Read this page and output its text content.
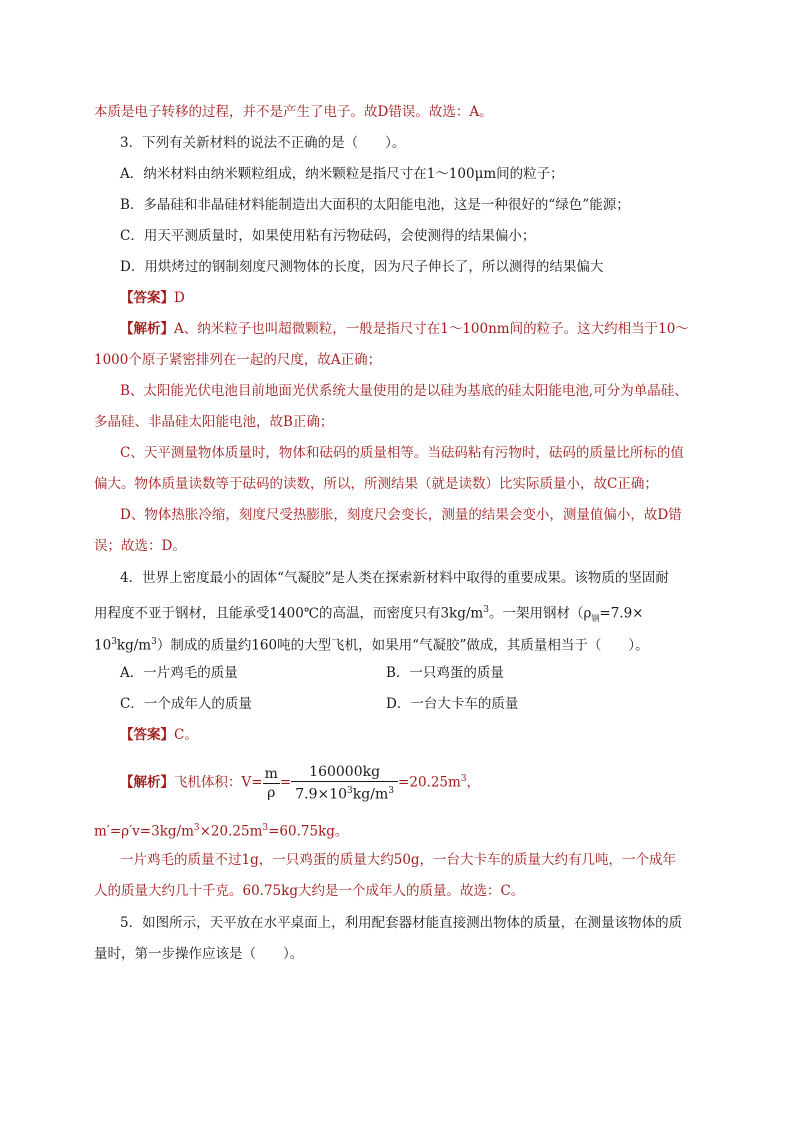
本质是电子转移的过程，并不是产生了电子。故D错误。故选：A。
3．下列有关新材料的说法不正确的是（　　）。
A．纳米材料由纳米颗粒组成，纳米颗粒是指尺寸在1～100μm间的粒子；
B．多晶硅和非晶硅材料能制造出大面积的太阳能电池，这是一种很好的“绿色”能源；
C．用天平测质量时，如果使用粘有污物砝码，会使测得的结果偏小；
D．用烘烤过的钢制刻度尺测物体的长度，因为尺子伸长了，所以测得的结果偏大
【答案】D
【解析】A、纳米粒子也叫超微颗粒，一般是指尺寸在1～100nm间的粒子。这大约相当于10～
1000个原子紧密排列在一起的尺度，故A正确；
B、太阳能光伏电池目前地面光伏系统大量使用的是以硅为基底的硅太阳能电池,可分为单晶硅、
多晶硅、非晶硅太阳能电池，故B正确；
C、天平测量物体质量时，物体和砝码的质量相等。当砝码粘有污物时，砝码的质量比所标的值
偏大。物体质量读数等于砝码的读数，所以，所测结果（就是读数）比实际质量小，故C正确；
D、物体热胀冷缩，刻度尺受热膨胀，刻度尺会变长，测量的结果会变小，测量值偏小，故D错
误；故选：D。
4．世界上密度最小的固体“气凝胶”是人类在探索新材料中取得的重要成果。该物质的坚固耐
用程度不亚于钢材，且能承受1400℃的高温，而密度只有$3kg/m^3$。一架用钢材（$\rho_钢=7.9\times$
$10^3kg/m^3$）制成的质量约160吨的大型飞机，如果用“气凝胶”做成，其质量相当于（　　）。
A．一片鸡毛的质量	B．一只鸡蛋的质量
C．一个成年人的质量	D．一台大卡车的质量
【答案】C。
【解析】飞机体积：$V= \frac{m}{\rho} = \frac{160000kg}{7.9\times 10^3kg/m^3} =20.25m^3$，
$m'=\rho'v=3kg/m^3\times 20.25m^3=60.75kg$。
一片鸡毛的质量不过1g，一只鸡蛋的质量大约50g，一台大卡车的质量大约有几吨，一个成年
人的质量大约几十千克。60.75kg大约是一个成年人的质量。故选：C。
5．如图所示，天平放在水平桌面上，利用配套器材能直接测出物体的质量，在测量该物体的质
量时，第一步操作应该是（　　）。
